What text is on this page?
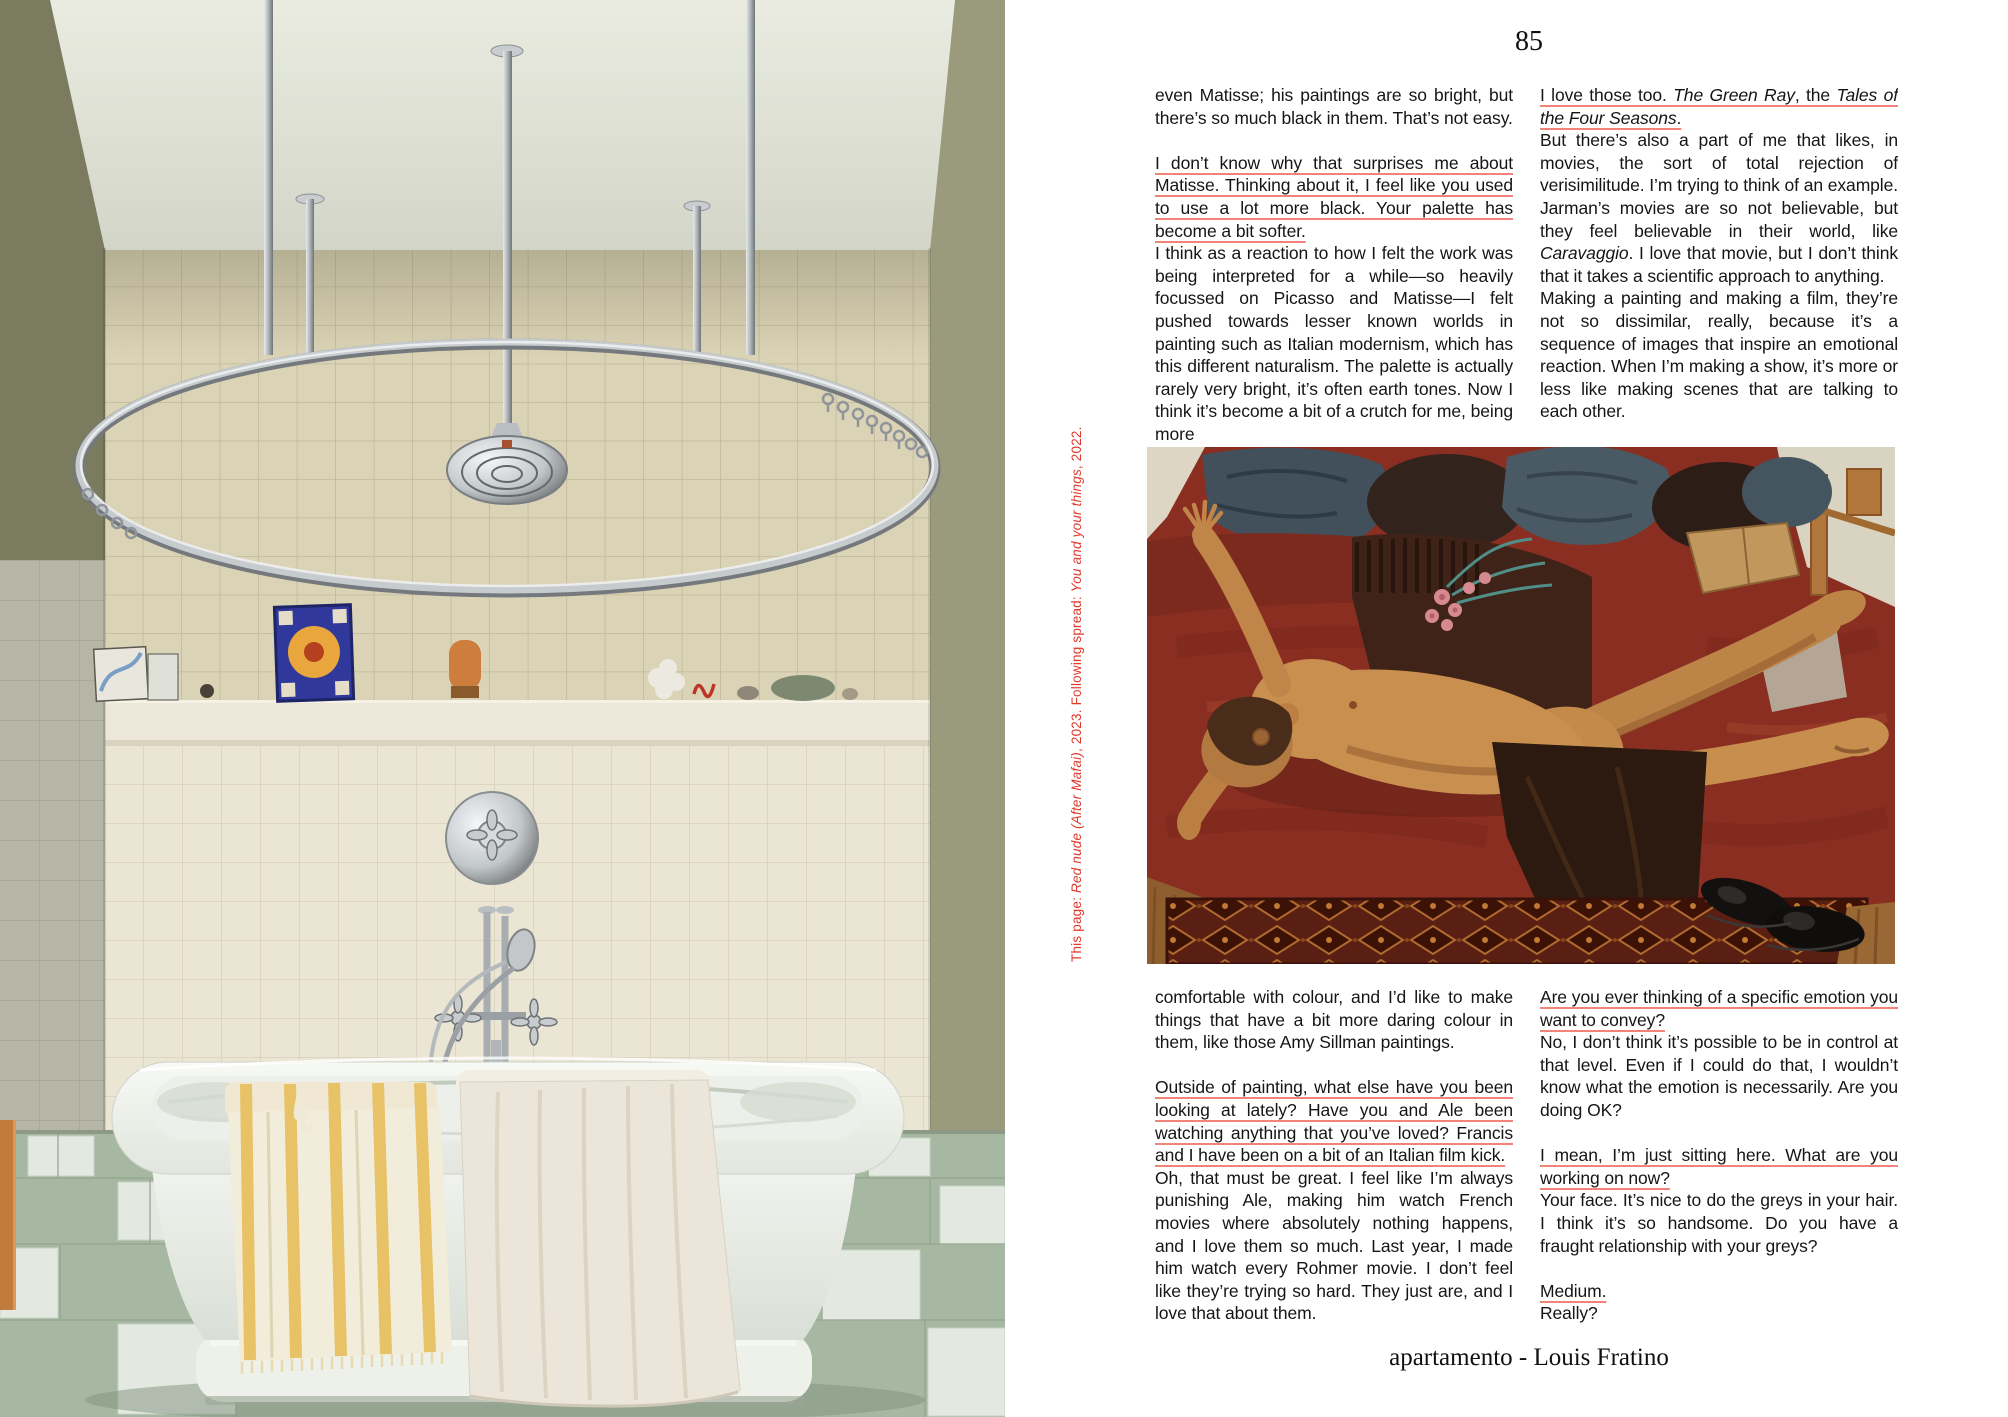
85
This page: Red nude (After Mafai), 2023. Following spread: You and your things, 2022.

even Matisse; his paintings are so bright, but there’s so much black in them. That’s not easy.

I don’t know why that surprises me about Matisse. Thinking about it, I feel like you used to use a lot more black. Your palette has become a bit softer.

I think as a reaction to how I felt the work was being interpreted for a while—so heavily focussed on Picasso and Matisse—I felt pushed towards lesser known worlds in painting such as Italian modernism, which has this different naturalism. The palette is actually rarely very bright, it’s often earth tones. Now I think it’s become a bit of a crutch for me, being more

I love those too. The Green Ray, the Tales of the Four Seasons.

But there’s also a part of me that likes, in movies, the sort of total rejection of verisimilitude. I’m trying to think of an example. Jarman’s movies are so not believable, but they feel believable in their world, like Caravaggio. I love that movie, but I don’t think that it takes a scientific approach to anything.

Making a painting and making a film, they’re not so dissimilar, really, because it’s a sequence of images that inspire an emotional reaction. When I’m making a show, it’s more or less like making scenes that are talking to each other.

comfortable with colour, and I’d like to make things that have a bit more daring colour in them, like those Amy Sillman paintings.

Outside of painting, what else have you been looking at lately? Have you and Ale been watching anything that you’ve loved? Francis and I have been on a bit of an Italian film kick.

Oh, that must be great. I feel like I’m always punishing Ale, making him watch French movies where absolutely nothing happens, and I love them so much. Last year, I made him watch every Rohmer movie. I don’t feel like they’re trying so hard. They just are, and I love that about them.

Are you ever thinking of a specific emotion you want to convey?

No, I don’t think it’s possible to be in control at that level. Even if I could do that, I wouldn’t know what the emotion is necessarily. Are you doing OK?

I mean, I’m just sitting here. What are you working on now?

Your face. It’s nice to do the greys in your hair. I think it’s so handsome. Do you have a fraught relationship with your greys?

Medium.

Really?

apartamento - Louis Fratino
